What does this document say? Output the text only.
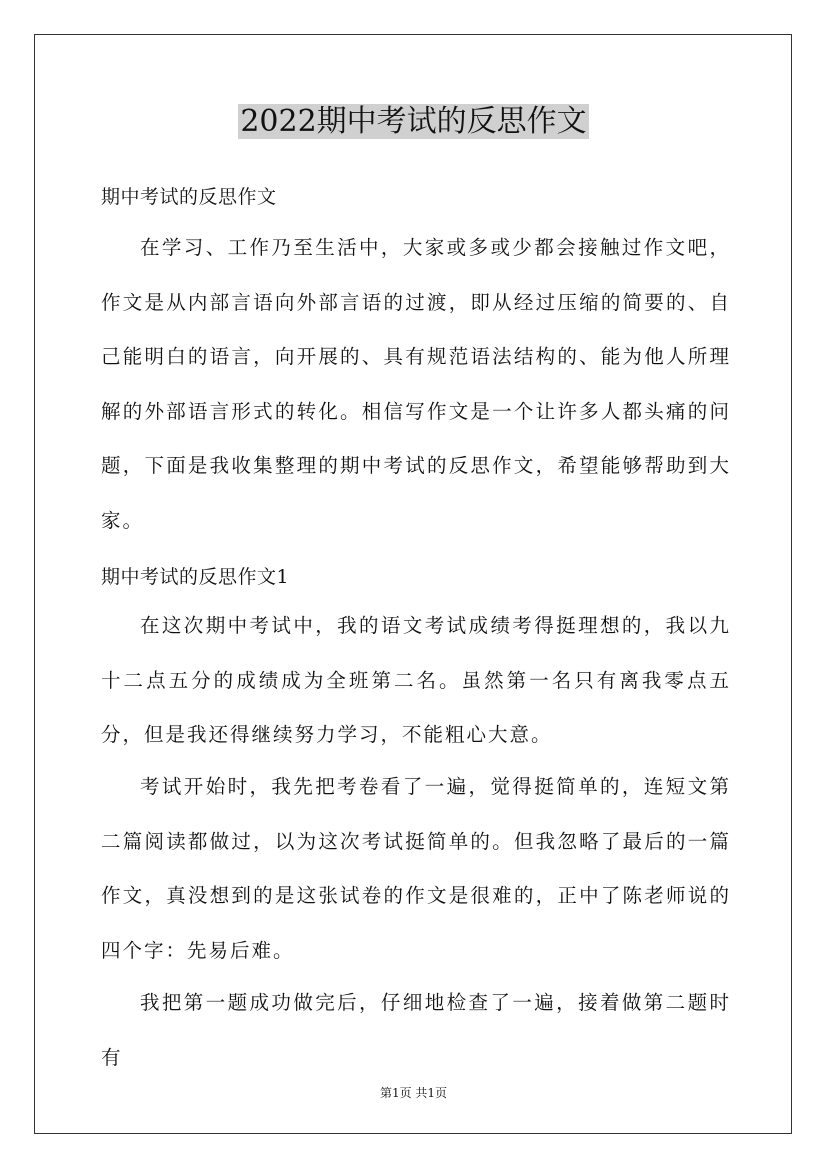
2022期中考试的反思作文
期中考试的反思作文

在学习、工作乃至生活中，大家或多或少都会接触过作文吧，作文是从内部言语向外部言语的过渡，即从经过压缩的简要的、自己能明白的语言，向开展的、具有规范语法结构的、能为他人所理解的外部语言形式的转化。相信写作文是一个让许多人都头痛的问题，下面是我收集整理的期中考试的反思作文，希望能够帮助到大家。

期中考试的反思作文1

在这次期中考试中，我的语文考试成绩考得挺理想的，我以九十二点五分的成绩成为全班第二名。虽然第一名只有离我零点五分，但是我还得继续努力学习，不能粗心大意。

考试开始时，我先把考卷看了一遍，觉得挺简单的，连短文第二篇阅读都做过，以为这次考试挺简单的。但我忽略了最后的一篇作文，真没想到的是这张试卷的作文是很难的，正中了陈老师说的四个字：先易后难。

我把第一题成功做完后，仔细地检查了一遍，接着做第二题时有

第1页 共1页
